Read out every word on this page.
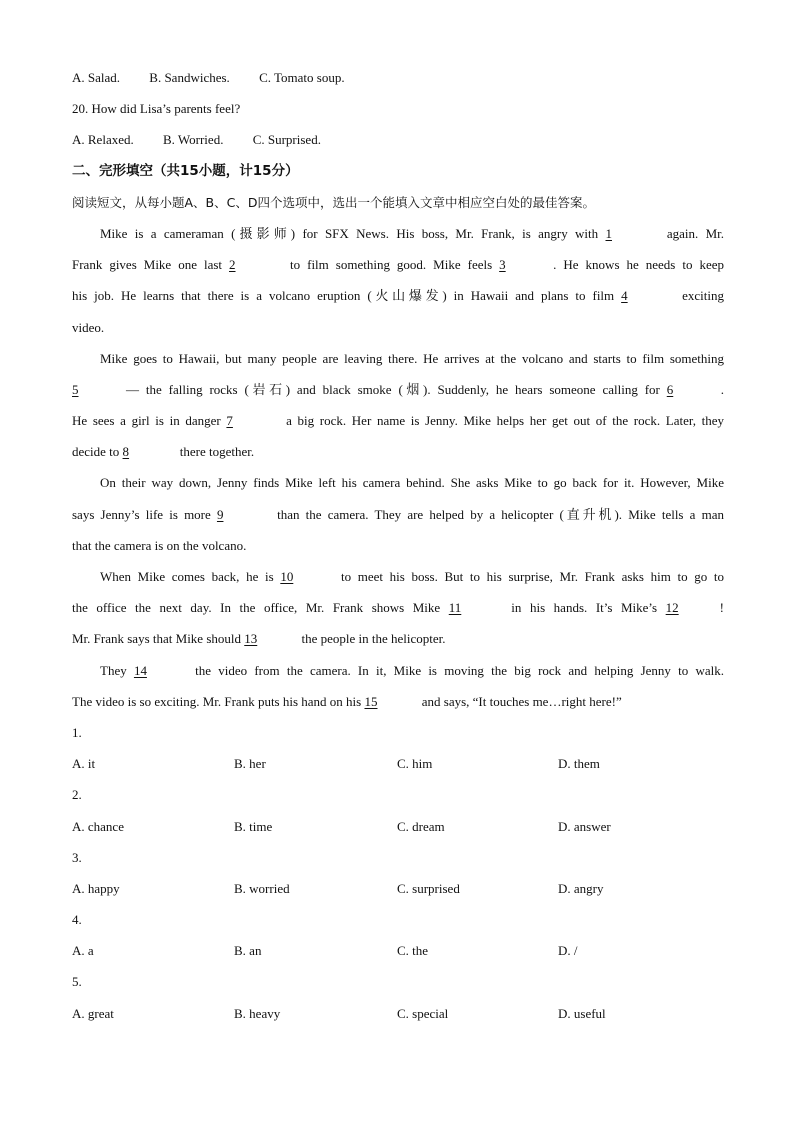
A. Salad. B. Sandwiches. C. Tomato soup.
20. How did Lisa’s parents feel?
A. Relaxed. B. Worried. C. Surprised.
二、完形填空（共15小题，计15分）
阅读短文，从每小题A、B、C、D四个选项中，选出一个能填入文章中相应空白处的最佳答案。
Mike is a cameraman (摄影师) for SFX News. His boss, Mr. Frank, is angry with 1	again. Mr.
Frank gives Mike one last 2	to film something good. Mike feels 3	. He knows he needs to keep
his job. He learns that there is a volcano eruption (火山爆发) in Hawaii and plans to film 4	exciting
video.
Mike goes to Hawaii, but many people are leaving there. He arrives at the volcano and starts to film something
5	— the falling rocks (岩石) and black smoke (烟). Suddenly, he hears someone calling for 6	.
He sees a girl is in danger 7	a big rock. Her name is Jenny. Mike helps her get out of the rock. Later, they
decide to 8	there together.
On their way down, Jenny finds Mike left his camera behind. She asks Mike to go back for it. However, Mike
says Jenny’s life is more 9	than the camera. They are helped by a helicopter (直升机). Mike tells a man
that the camera is on the volcano.
When Mike comes back, he is 10	to meet his boss. But to his surprise, Mr. Frank asks him to go to
the office the next day. In the office, Mr. Frank shows Mike 11	in his hands. It’s Mike’s 12	!
Mr. Frank says that Mike should 13	the people in the helicopter.
They 14	the video from the camera. In it, Mike is moving the big rock and helping Jenny to walk.
The video is so exciting. Mr. Frank puts his hand on his 15	and says, “It touches me…right here!”
1.
A. it	B. her	C. him	D. them
2.
A. chance	B. time	C. dream	D. answer
3.
A. happy	B. worried	C. surprised	D. angry
4.
A. a	B. an	C. the	D. /
5.
A. great	B. heavy	C. special	D. useful
